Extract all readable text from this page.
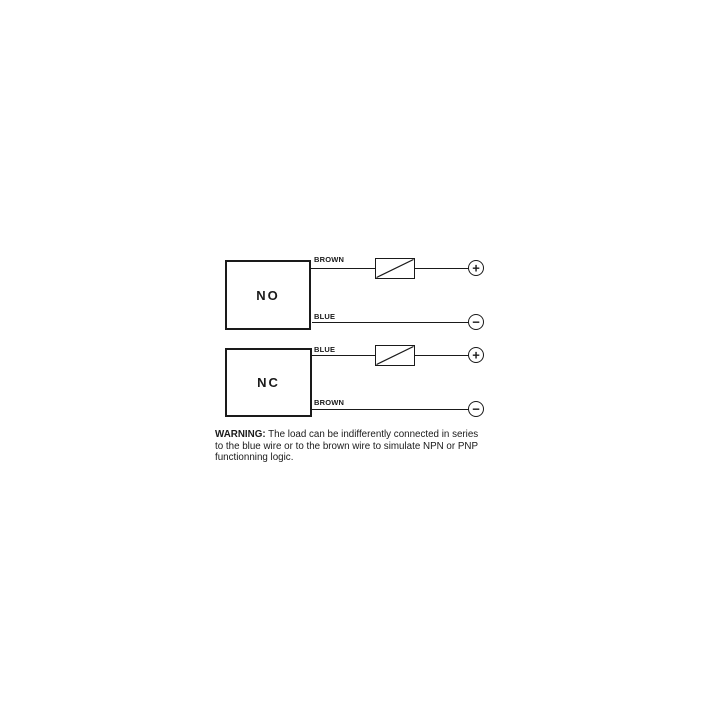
NO
NC
BROWN
+
BLUE	−
BLUE	+
BROWN	−
WARNING: The load can be indifferently connected in series
to the blue wire or to the brown wire to simulate NPN or PNP
functionning logic.
